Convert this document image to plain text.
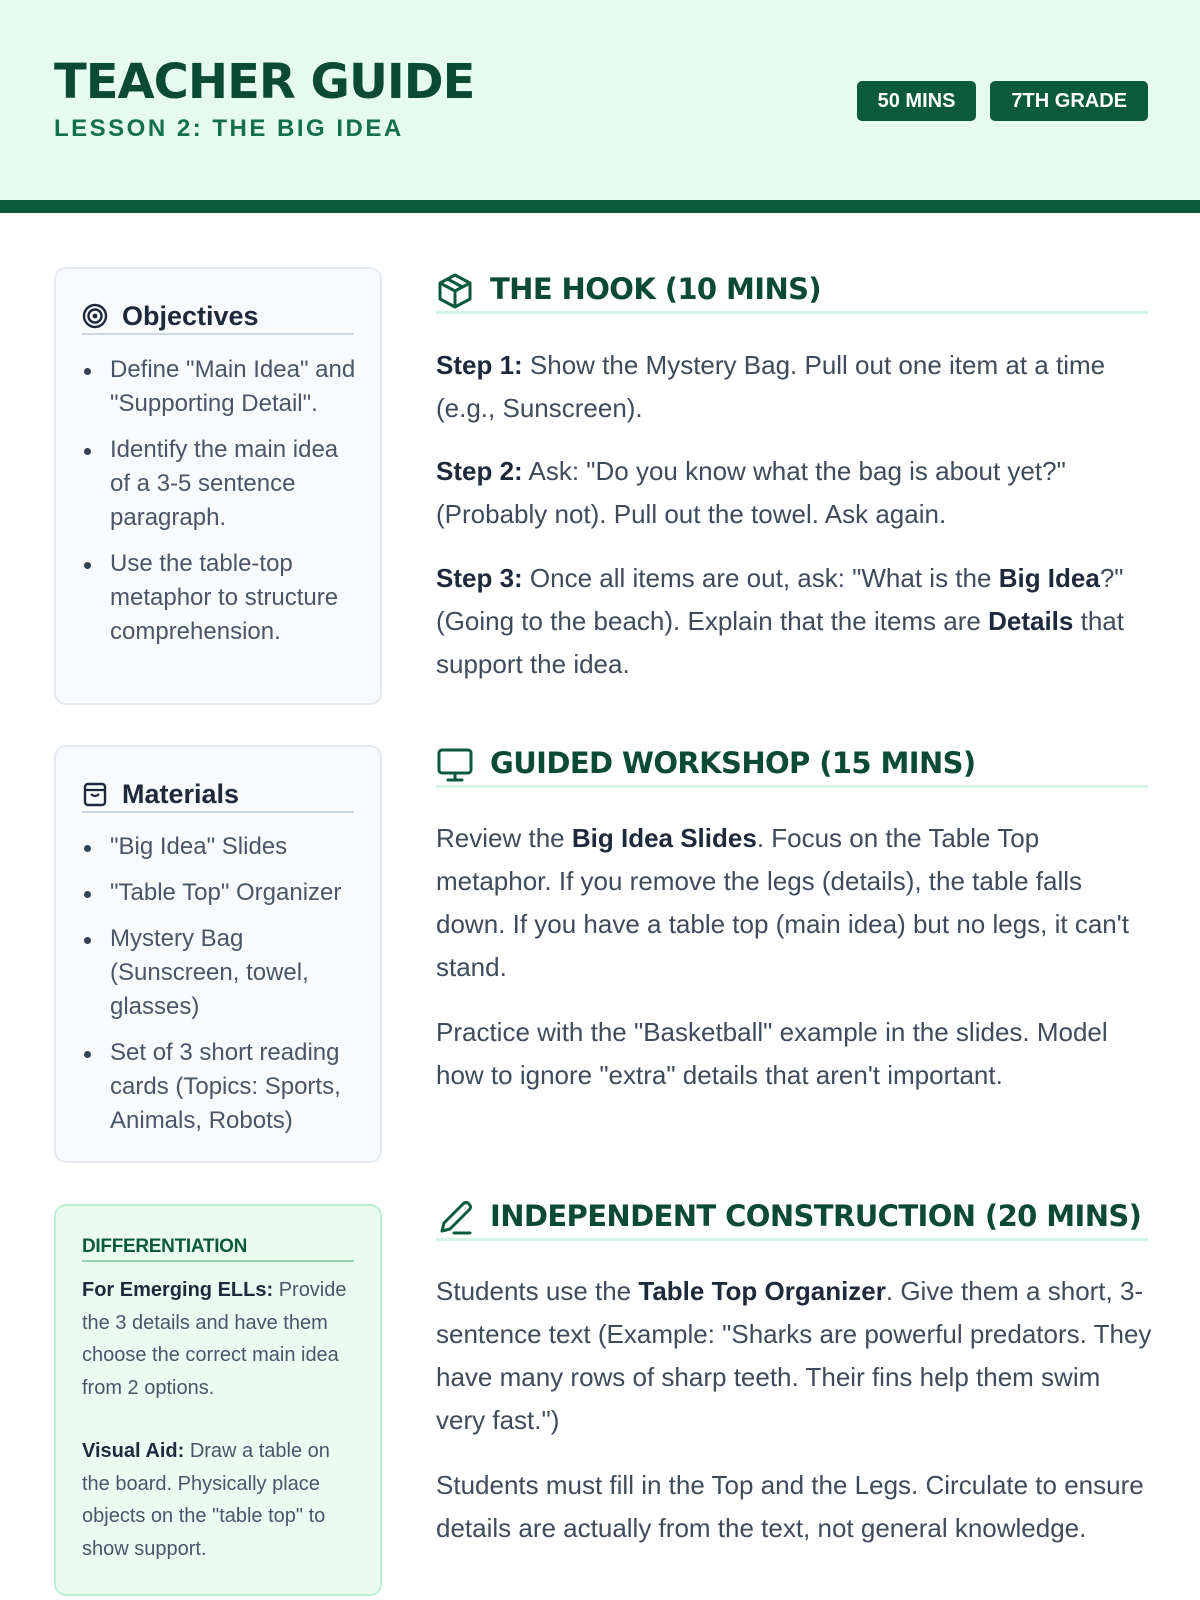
TEACHER GUIDE
LESSON 2: THE BIG IDEA
50 MINS	7TH GRADE
Objectives
Define "Main Idea" and "Supporting Detail".
Identify the main idea of a 3-5 sentence paragraph.
Use the table-top metaphor to structure comprehension.
Materials
"Big Idea" Slides
"Table Top" Organizer
Mystery Bag (Sunscreen, towel, glasses)
Set of 3 short reading cards (Topics: Sports, Animals, Robots)
DIFFERENTIATION

For Emerging ELLs: Provide the 3 details and have them choose the correct main idea from 2 options.

Visual Aid: Draw a table on the board. Physically place objects on the "table top" to show support.

THE HOOK (10 MINS)

Step 1: Show the Mystery Bag. Pull out one item at a time (e.g., Sunscreen).

Step 2: Ask: "Do you know what the bag is about yet?" (Probably not). Pull out the towel. Ask again.

Step 3: Once all items are out, ask: "What is the Big Idea?" (Going to the beach). Explain that the items are Details that support the idea.

GUIDED WORKSHOP (15 MINS)

Review the Big Idea Slides. Focus on the Table Top metaphor. If you remove the legs (details), the table falls down. If you have a table top (main idea) but no legs, it can't stand.

Practice with the "Basketball" example in the slides. Model how to ignore "extra" details that aren't important.

INDEPENDENT CONSTRUCTION (20 MINS)

Students use the Table Top Organizer. Give them a short, 3-sentence text (Example: "Sharks are powerful predators. They have many rows of sharp teeth. Their fins help them swim very fast.")

Students must fill in the Top and the Legs. Circulate to ensure details are actually from the text, not general knowledge.
